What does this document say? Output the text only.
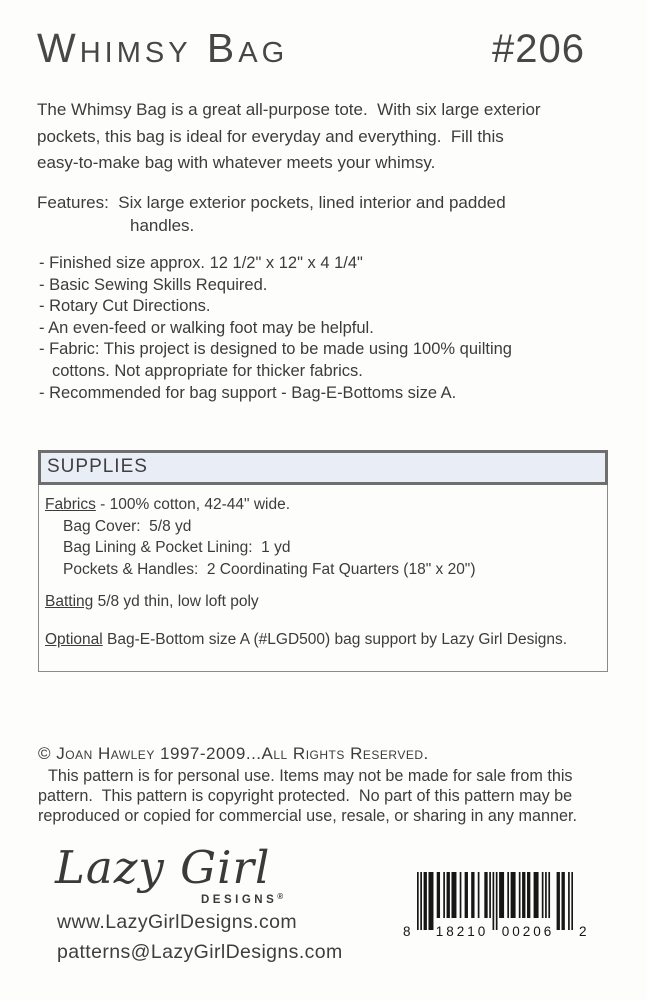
Whimsy Bag	#206
The Whimsy Bag is a great all-purpose tote.  With six large exterior
pockets, this bag is ideal for everyday and everything.  Fill this
easy-to-make bag with whatever meets your whimsy.
Features:  Six large exterior pockets, lined interior and padded
handles.
- Finished size approx. 12 1/2" x 12" x 4 1/4"
- Basic Sewing Skills Required.
- Rotary Cut Directions.
- An even-feed or walking foot may be helpful.
- Fabric: This project is designed to be made using 100% quilting
cottons. Not appropriate for thicker fabrics.
- Recommended for bag support - Bag-E-Bottoms size A.
SUPPLIES
Fabrics - 100% cotton, 42-44" wide.
Bag Cover:  5/8 yd
Bag Lining & Pocket Lining:  1 yd
Pockets & Handles:  2 Coordinating Fat Quarters (18" x 20")
Batting 5/8 yd thin, low loft poly
Optional Bag-E-Bottom size A (#LGD500) bag support by Lazy Girl Designs.
© Joan Hawley 1997-2009...All Rights Reserved.
This pattern is for personal use. Items may not be made for sale from this
pattern.  This pattern is copyright protected.  No part of this pattern may be
reproduced or copied for commercial use, resale, or sharing in any manner.
Lazy Girl
DESIGNS®
www.LazyGirlDesigns.com
patterns@LazyGirlDesigns.com
8 18210 00206 2
